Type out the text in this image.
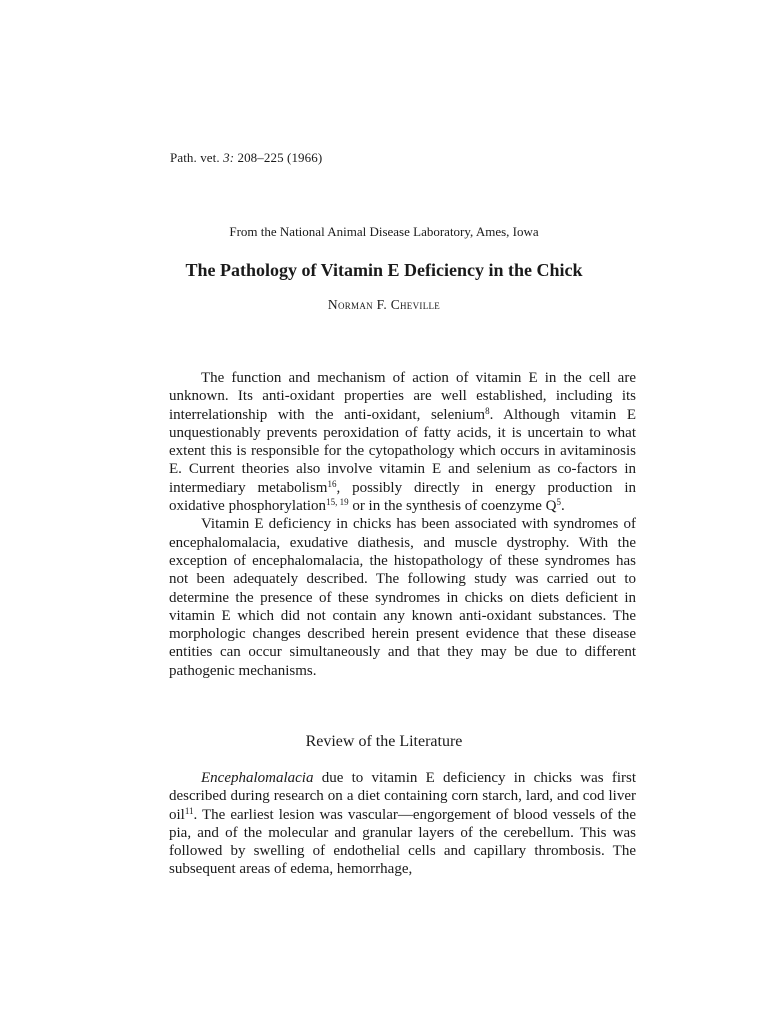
Path. vet. 3: 208–225 (1966)
From the National Animal Disease Laboratory, Ames, Iowa
The Pathology of Vitamin E Deficiency in the Chick
Norman F. Cheville

The function and mechanism of action of vitamin E in the cell are unknown. Its anti-oxidant properties are well established, including its interrelationship with the anti-oxidant, selenium$^8$. Although vitamin E unquestionably prevents peroxidation of fatty acids, it is uncertain to what extent this is responsible for the cytopathology which occurs in avitaminosis E. Current theories also involve vitamin E and selenium as co-factors in intermediary metabolism$^{16}$, possibly directly in energy production in oxidative phosphorylation$^{15, 19}$ or in the synthesis of coenzyme $Q^5$.

Vitamin E deficiency in chicks has been associated with syndromes of encephalomalacia, exudative diathesis, and muscle dystrophy. With the exception of encephalomalacia, the histopathology of these syndromes has not been adequately described. The following study was carried out to determine the presence of these syndromes in chicks on diets deficient in vitamin E which did not contain any known anti-oxidant substances. The morphologic changes described herein present evidence that these disease entities can occur simultaneously and that they may be due to different pathogenic mechanisms.

Review of the Literature

Encephalomalacia due to vitamin E deficiency in chicks was first described during research on a diet containing corn starch, lard, and cod liver oil$^{11}$. The earliest lesion was vascular—engorgement of blood vessels of the pia, and of the molecular and granular layers of the cerebellum. This was followed by swelling of endothelial cells and capillary thrombosis. The subsequent areas of edema, hemorrhage,
